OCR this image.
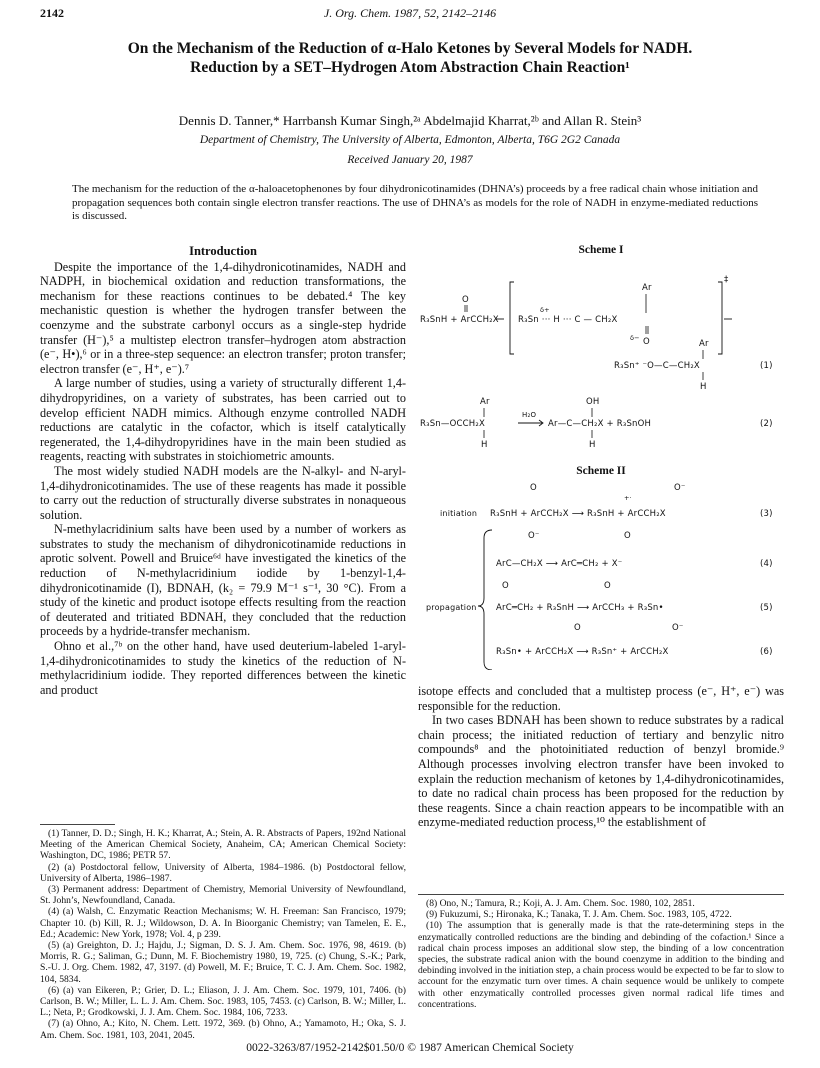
2142	J. Org. Chem. 1987, 52, 2142–2146
On the Mechanism of the Reduction of α-Halo Ketones by Several Models for NADH. Reduction by a SET–Hydrogen Atom Abstraction Chain Reaction¹
Dennis D. Tanner,* Harrbansh Kumar Singh,²ᵃ Abdelmajid Kharrat,²ᵇ and Allan R. Stein³
Department of Chemistry, The University of Alberta, Edmonton, Alberta, T6G 2G2 Canada
Received January 20, 1987
The mechanism for the reduction of the α-haloacetophenones by four dihydronicotinamides (DHNA’s) proceeds by a free radical chain whose initiation and propagation sequences both contain single electron transfer reactions. The use of DHNA’s as models for the role of NADH in enzyme-mediated reductions is discussed.
Introduction

Despite the importance of the 1,4-dihydronicotinamides, NADH and NADPH, in biochemical oxidation and reduction transformations, the mechanism for these reactions continues to be debated.⁴ The key mechanistic question is whether the hydrogen transfer between the coenzyme and the substrate carbonyl occurs as a single-step hydride transfer (H⁻),⁵ a multistep electron transfer–hydrogen atom abstraction (e⁻, H•),⁶ or in a three-step sequence: an electron transfer; proton transfer; electron transfer (e⁻, H⁺, e⁻).⁷

A large number of studies, using a variety of structurally different 1,4-dihydropyridines, on a variety of substrates, has been carried out to develop efficient NADH mimics. Although enzyme controlled NADH reductions are catalytic in the cofactor, which is itself catalytically regenerated, the 1,4-dihydropyridines have in the main been studied as reagents, reacting with substrates in stoichiometric amounts.

The most widely studied NADH models are the N-alkyl- and N-aryl-1,4-dihydronicotinamides. The use of these reagents has made it possible to carry out the reduction of structurally diverse substrates in nonaqueous solution.

N-methylacridinium salts have been used by a number of workers as substrates to study the mechanism of dihydronicotinamide reductions in aprotic solvent. Powell and Bruice⁶ᵈ have investigated the kinetics of the reduction of N-methylacridinium iodide by 1-benzyl-1,4-dihydronicotinamide (I), BDNAH, (k₂ = 79.9 M⁻¹ s⁻¹, 30 °C). From a study of the kinetic and product isotope effects resulting from the reaction of deuterated and tritiated BDNAH, they concluded that the reduction proceeds by a hydride-transfer mechanism.

Ohno et al.,⁷ᵇ on the other hand, have used deuterium-labeled 1-aryl-1,4-dihydronicotinamides to study the kinetics of the reduction of N-methylacridinium iodide. They reported differences between the kinetic and product

(1) Tanner, D. D.; Singh, H. K.; Kharrat, A.; Stein, A. R. Abstracts of Papers, 192nd National Meeting of the American Chemical Society, Anaheim, CA; American Chemical Society: Washington, DC, 1986; PETR 57.

(2) (a) Postdoctoral fellow, University of Alberta, 1984–1986. (b) Postdoctoral fellow, University of Alberta, 1986–1987.

(3) Permanent address: Department of Chemistry, Memorial University of Newfoundland, St. John’s, Newfoundland, Canada.

(4) (a) Walsh, C. Enzymatic Reaction Mechanisms; W. H. Freeman: San Francisco, 1979; Chapter 10. (b) Kill, R. J.; Wildowson, D. A. In Bioorganic Chemistry; van Tamelen, E. E., Ed.; Academic: New York, 1978; Vol. 4, p 239.

(5) (a) Greighton, D. J.; Hajdu, J.; Sigman, D. S. J. Am. Chem. Soc. 1976, 98, 4619. (b) Morris, R. G.; Saliman, G.; Dunn, M. F. Biochemistry 1980, 19, 725. (c) Chung, S.-K.; Park, S.-U. J. Org. Chem. 1982, 47, 3197. (d) Powell, M. F.; Bruice, T. C. J. Am. Chem. Soc. 1982, 104, 5834.

(6) (a) van Eikeren, P.; Grier, D. L.; Eliason, J. J. Am. Chem. Soc. 1979, 101, 7406. (b) Carlson, B. W.; Miller, L. L. J. Am. Chem. Soc. 1983, 105, 7453. (c) Carlson, B. W.; Miller, L. L.; Neta, P.; Grodkowski, J. J. Am. Chem. Soc. 1984, 106, 7233.

(7) (a) Ohno, A.; Kito, N. Chem. Lett. 1972, 369. (b) Ohno, A.; Yamamoto, H.; Oka, S. J. Am. Chem. Soc. 1981, 103, 2041, 2045.

Scheme I
O
R₃SnH + ArCCH₂X
‡
Ar
δ+
R₃Sn ··· H ··· C — CH₂X
δ− O	Ar
R₃Sn⁺ ⁻O—C—CH₂X	(1)
H
Ar
R₃Sn—OCCH₂X
H₂O
H
OH
Ar—C—CH₂X + R₃SnOH	(2)
H
Scheme II
O	O⁻
+·
initiation R₃SnH + ArCCH₂X ⟶ R₃SnH + ArCCH₂X	(3)
propagation
O⁻	O
ArC—CH₂X ⟶ ArC═CH₂ + X⁻	(4)
O	O
ArC═CH₂ + R₃SnH ⟶ ArCCH₃ + R₃Sn•	(5)
O	O⁻
R₃Sn• + ArCCH₂X ⟶ R₃Sn⁺ + ArCCH₂X	(6)

isotope effects and concluded that a multistep process (e⁻, H⁺, e⁻) was responsible for the reduction.

In two cases BDNAH has been shown to reduce substrates by a radical chain process; the initiated reduction of tertiary and benzylic nitro compounds⁸ and the photoinitiated reduction of benzyl bromide.⁹ Although processes involving electron transfer have been invoked to explain the reduction mechanism of ketones by 1,4-dihydronicotinamides, to date no radical chain process has been proposed for the reduction by these reagents. Since a chain reaction appears to be incompatible with an enzyme-mediated reduction process,¹⁰ the establishment of

(8) Ono, N.; Tamura, R.; Koji, A. J. Am. Chem. Soc. 1980, 102, 2851.

(9) Fukuzumi, S.; Hironaka, K.; Tanaka, T. J. Am. Chem. Soc. 1983, 105, 4722.

(10) The assumption that is generally made is that the rate-determining steps in the enzymatically controlled reductions are the binding and debinding of the cofaction.¹ Since a radical chain process imposes an additional slow step, the binding of a low concentration species, the substrate radical anion with the bound coenzyme in addition to the binding and debinding involved in the initiation step, a chain process would be expected to be far to slow to account for the enzymatic turn over times. A chain sequence would be unlikely to compete with other enzymatically controlled processes given normal radical life times and concentrations.

0022-3263/87/1952-2142$01.50/0 © 1987 American Chemical Society
